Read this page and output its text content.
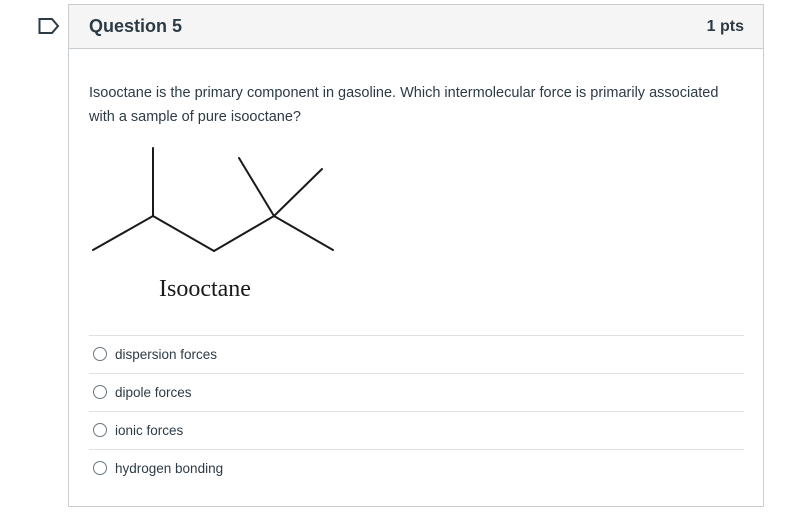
Question 5	1 pts
Isooctane is the primary component in gasoline. Which intermolecular force is primarily associated with a sample of pure isooctane?
Isooctane
dispersion forces
dipole forces
ionic forces
hydrogen bonding
